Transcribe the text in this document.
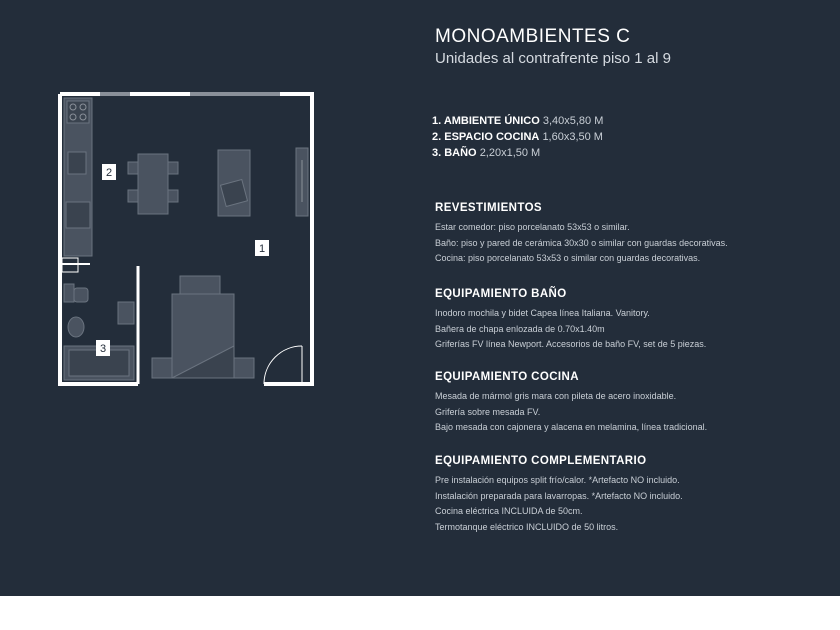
1
2
3
MONOAMBIENTES C
Unidades al contrafrente piso 1 al 9
1. AMBIENTE ÚNICO 3,40x5,80 M
2. ESPACIO COCINA 1,60x3,50 M
3. BAÑO 2,20x1,50 M
REVESTIMIENTOS

Estar comedor: piso porcelanato 53x53 o similar.

Baño: piso y pared de cerámica 30x30 o similar con guardas decorativas.

Cocina: piso porcelanato 53x53 o similar con guardas decorativas.

EQUIPAMIENTO BAÑO

Inodoro mochila y bidet Capea línea Italiana. Vanitory.

Bañera de chapa enlozada de 0.70x1.40m

Griferías FV línea Newport. Accesorios de baño FV, set de 5 piezas.

EQUIPAMIENTO COCINA

Mesada de mármol gris mara con pileta de acero inoxidable.

Grifería sobre mesada FV.

Bajo mesada con cajonera y alacena en melamina, línea tradicional.

EQUIPAMIENTO COMPLEMENTARIO

Pre instalación equipos split frío/calor. *Artefacto NO incluido.

Instalación preparada para lavarropas. *Artefacto NO incluido.

Cocina eléctrica INCLUIDA de 50cm.

Termotanque eléctrico INCLUIDO de 50 litros.
